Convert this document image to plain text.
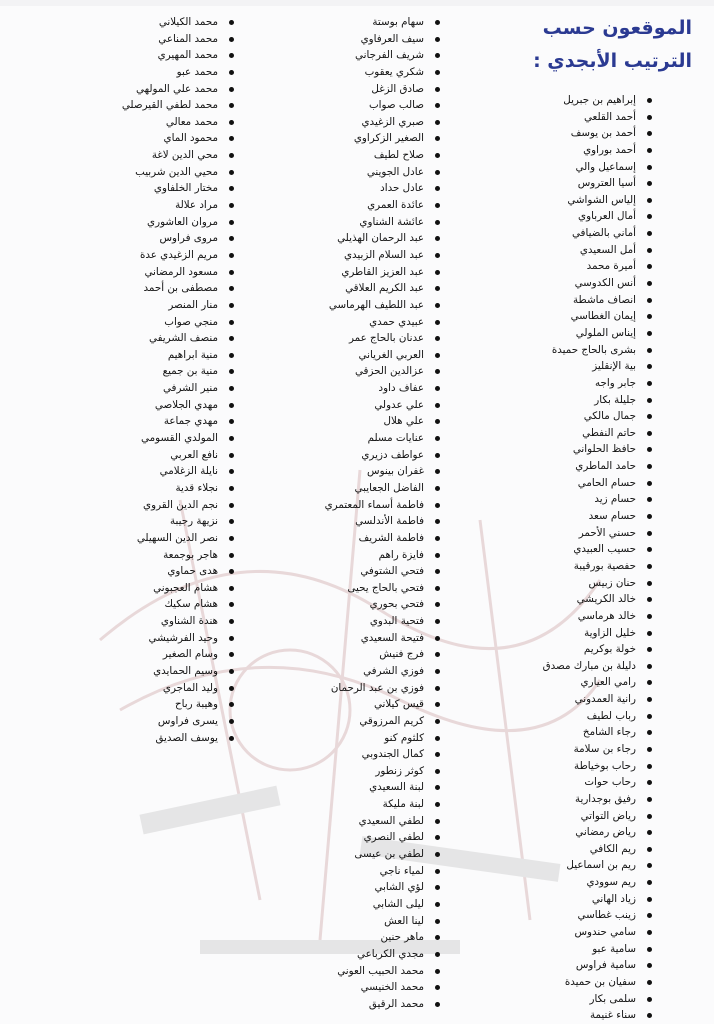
الموقعون حسب
الترتيب الأبجدي :
إبراهيم بن جبريل
أحمد القلعي
أحمد بن يوسف
أحمد بوراوي
إسماعيل والي
أسيا العتروس
إلياس الشواشي
أمال العرباوي
أماني بالضيافي
أمل السعيدي
أميرة محمد
أنس الكدوسي
انصاف ماشطة
إيمان الغطاسي
إيناس الملولي
بشرى بالحاج حميدة
بية الإنقليز
جابر واجه
جليلة بكار
جمال مالكي
حاتم النفطي
حافظ الحلواني
حامد الماطري
حسام الحامي
حسام زيد
حسام سعد
حسني الأحمر
حسيب العبيدي
حفصية بورقيبة
حنان زبيس
خالد الكريشي
خالد هرماسي
خليل الزاوية
خولة بوكريم
دليلة بن مبارك مصدق
رامي العياري
رانية العمدوني
رباب لطيف
رجاء الشامخ
رجاء بن سلامة
رحاب بوخياطة
رحاب حوات
رفيق بوجدارية
رياض التواتي
رياض رمضاني
ريم الكافي
ريم بن اسماعيل
ريم سوودي
زياد الهاني
زينب غطاسي
سامي حندوس
سامية عبو
سامية فراوس
سفيان بن حميدة
سلمى بكار
سناء غنيمة
سهام بوستة
سيف العرفاوي
شريف الفرجاني
شكري يعقوب
صادق الزغل
صالب صواب
صبري الزغيدي
الصغير الزكراوي
صلاح لطيف
عادل الجويني
عادل حداد
عائدة العمري
عائشة الشناوي
عبد الرحمان الهذيلي
عبد السلام الزبيدي
عبد العزيز القاطري
عبد الكريم العلاقي
عبد اللطيف الهرماسي
عبيدي حمدي
عدنان بالحاج عمر
العربي الغرياني
عزالدين الحزقي
عفاف داود
علي عدولي
علي هلال
عنايات مسلم
عواطف دزيري
غفران بينوس
الفاضل الجعايبي
فاطمة أسماء المعتمري
فاطمة الأندلسي
فاطمة الشريف
فايزة راهم
فتحي الشتوفي
فتحي بالحاج يحيى
فتحي بحوري
فتحية البدوي
فتيحة السعيدي
فرج فنيش
فوزي الشرفي
فوزي بن عبد الرحمان
قيس كيلاني
كريم المرزوقي
كلثوم كنو
كمال الجندوبي
كوثر زنطور
لبنة السعيدي
لبنة مليكة
لطفي السعيدي
لطفي النصري
لطفي بن عيسى
لمياء ناجي
لؤي الشابي
ليلى الشابي
لينا العش
ماهر حنين
مجدي الكرباعي
محمد الحبيب العوني
محمد الخنيسي
محمد الرقيق
محمد الكيلاني
محمد المناعي
محمد المهيري
محمد عبو
محمد علي المولهي
محمد لطفي القيرصلي
محمد معالي
محمود الماي
محي الدين لاغة
محيي الدين شربيب
مختار الخلفاوي
مراد علالة
مروان العاشوري
مروى فراوس
مريم الزغيدي عدة
مسعود الرمضاني
مصطفى بن أحمد
منار المنصر
منجي صواب
منصف الشريفي
منية ابراهيم
منية بن جميع
منير الشرفي
مهدي الجلاصي
مهدي جماعة
المولدي القسومي
نافع العربي
نايلة الزغلامي
نجلاء قدية
نجم الدين القروي
نزيهة رجيبة
نصر الدين السهيلي
هاجر بوجمعة
هدى حماوي
هشام العجبوني
هشام سكيك
هندة الشناوي
وحيد الفرشيشي
وسام الصغير
وسيم الحمايدي
وليد الماجري
وهيبة رباح
يسرى فراوس
يوسف الصديق
